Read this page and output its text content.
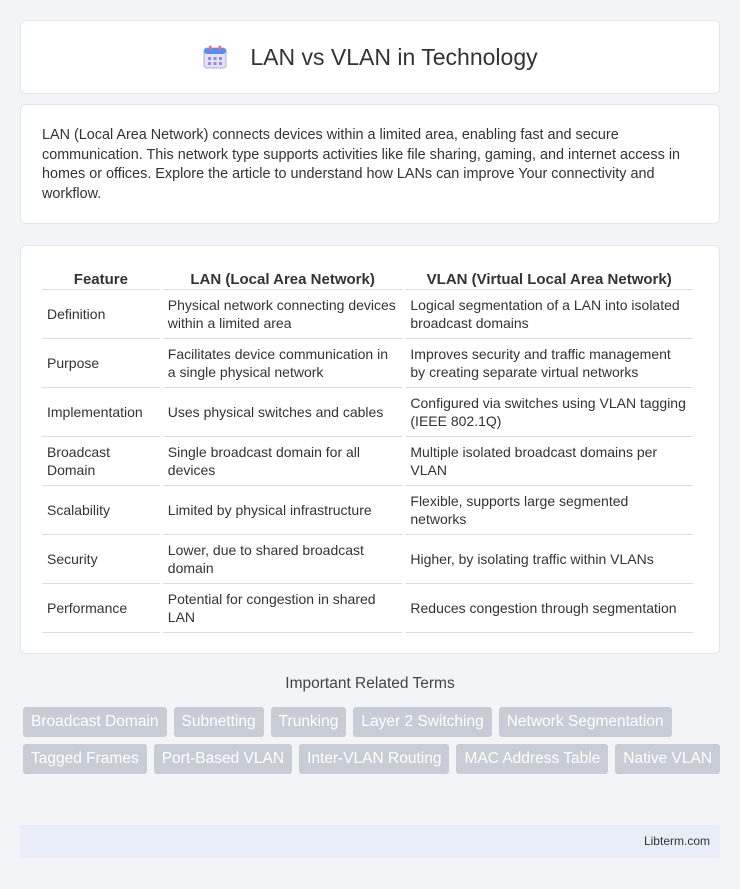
LAN vs VLAN in Technology

LAN (Local Area Network) connects devices within a limited area, enabling fast and secure communication. This network type supports activities like file sharing, gaming, and internet access in homes or offices. Explore the article to understand how LANs can improve Your connectivity and workflow.

Feature	LAN (Local Area Network)	VLAN (Virtual Local Area Network)
Definition	Physical network connecting devices within a limited area	Logical segmentation of a LAN into isolated broadcast domains
Purpose	Facilitates device communication in a single physical network	Improves security and traffic management by creating separate virtual networks
Implementation	Uses physical switches and cables	Configured via switches using VLAN tagging (IEEE 802.1Q)
Broadcast Domain	Single broadcast domain for all devices	Multiple isolated broadcast domains per VLAN
Scalability	Limited by physical infrastructure	Flexible, supports large segmented networks
Security	Lower, due to shared broadcast domain	Higher, by isolating traffic within VLANs
Performance	Potential for congestion in shared LAN	Reduces congestion through segmentation
Important Related Terms
Broadcast Domain	Subnetting	Trunking	Layer 2 Switching	Network Segmentation
Tagged Frames	Port-Based VLAN	Inter-VLAN Routing	MAC Address Table	Native VLAN
Libterm.com
